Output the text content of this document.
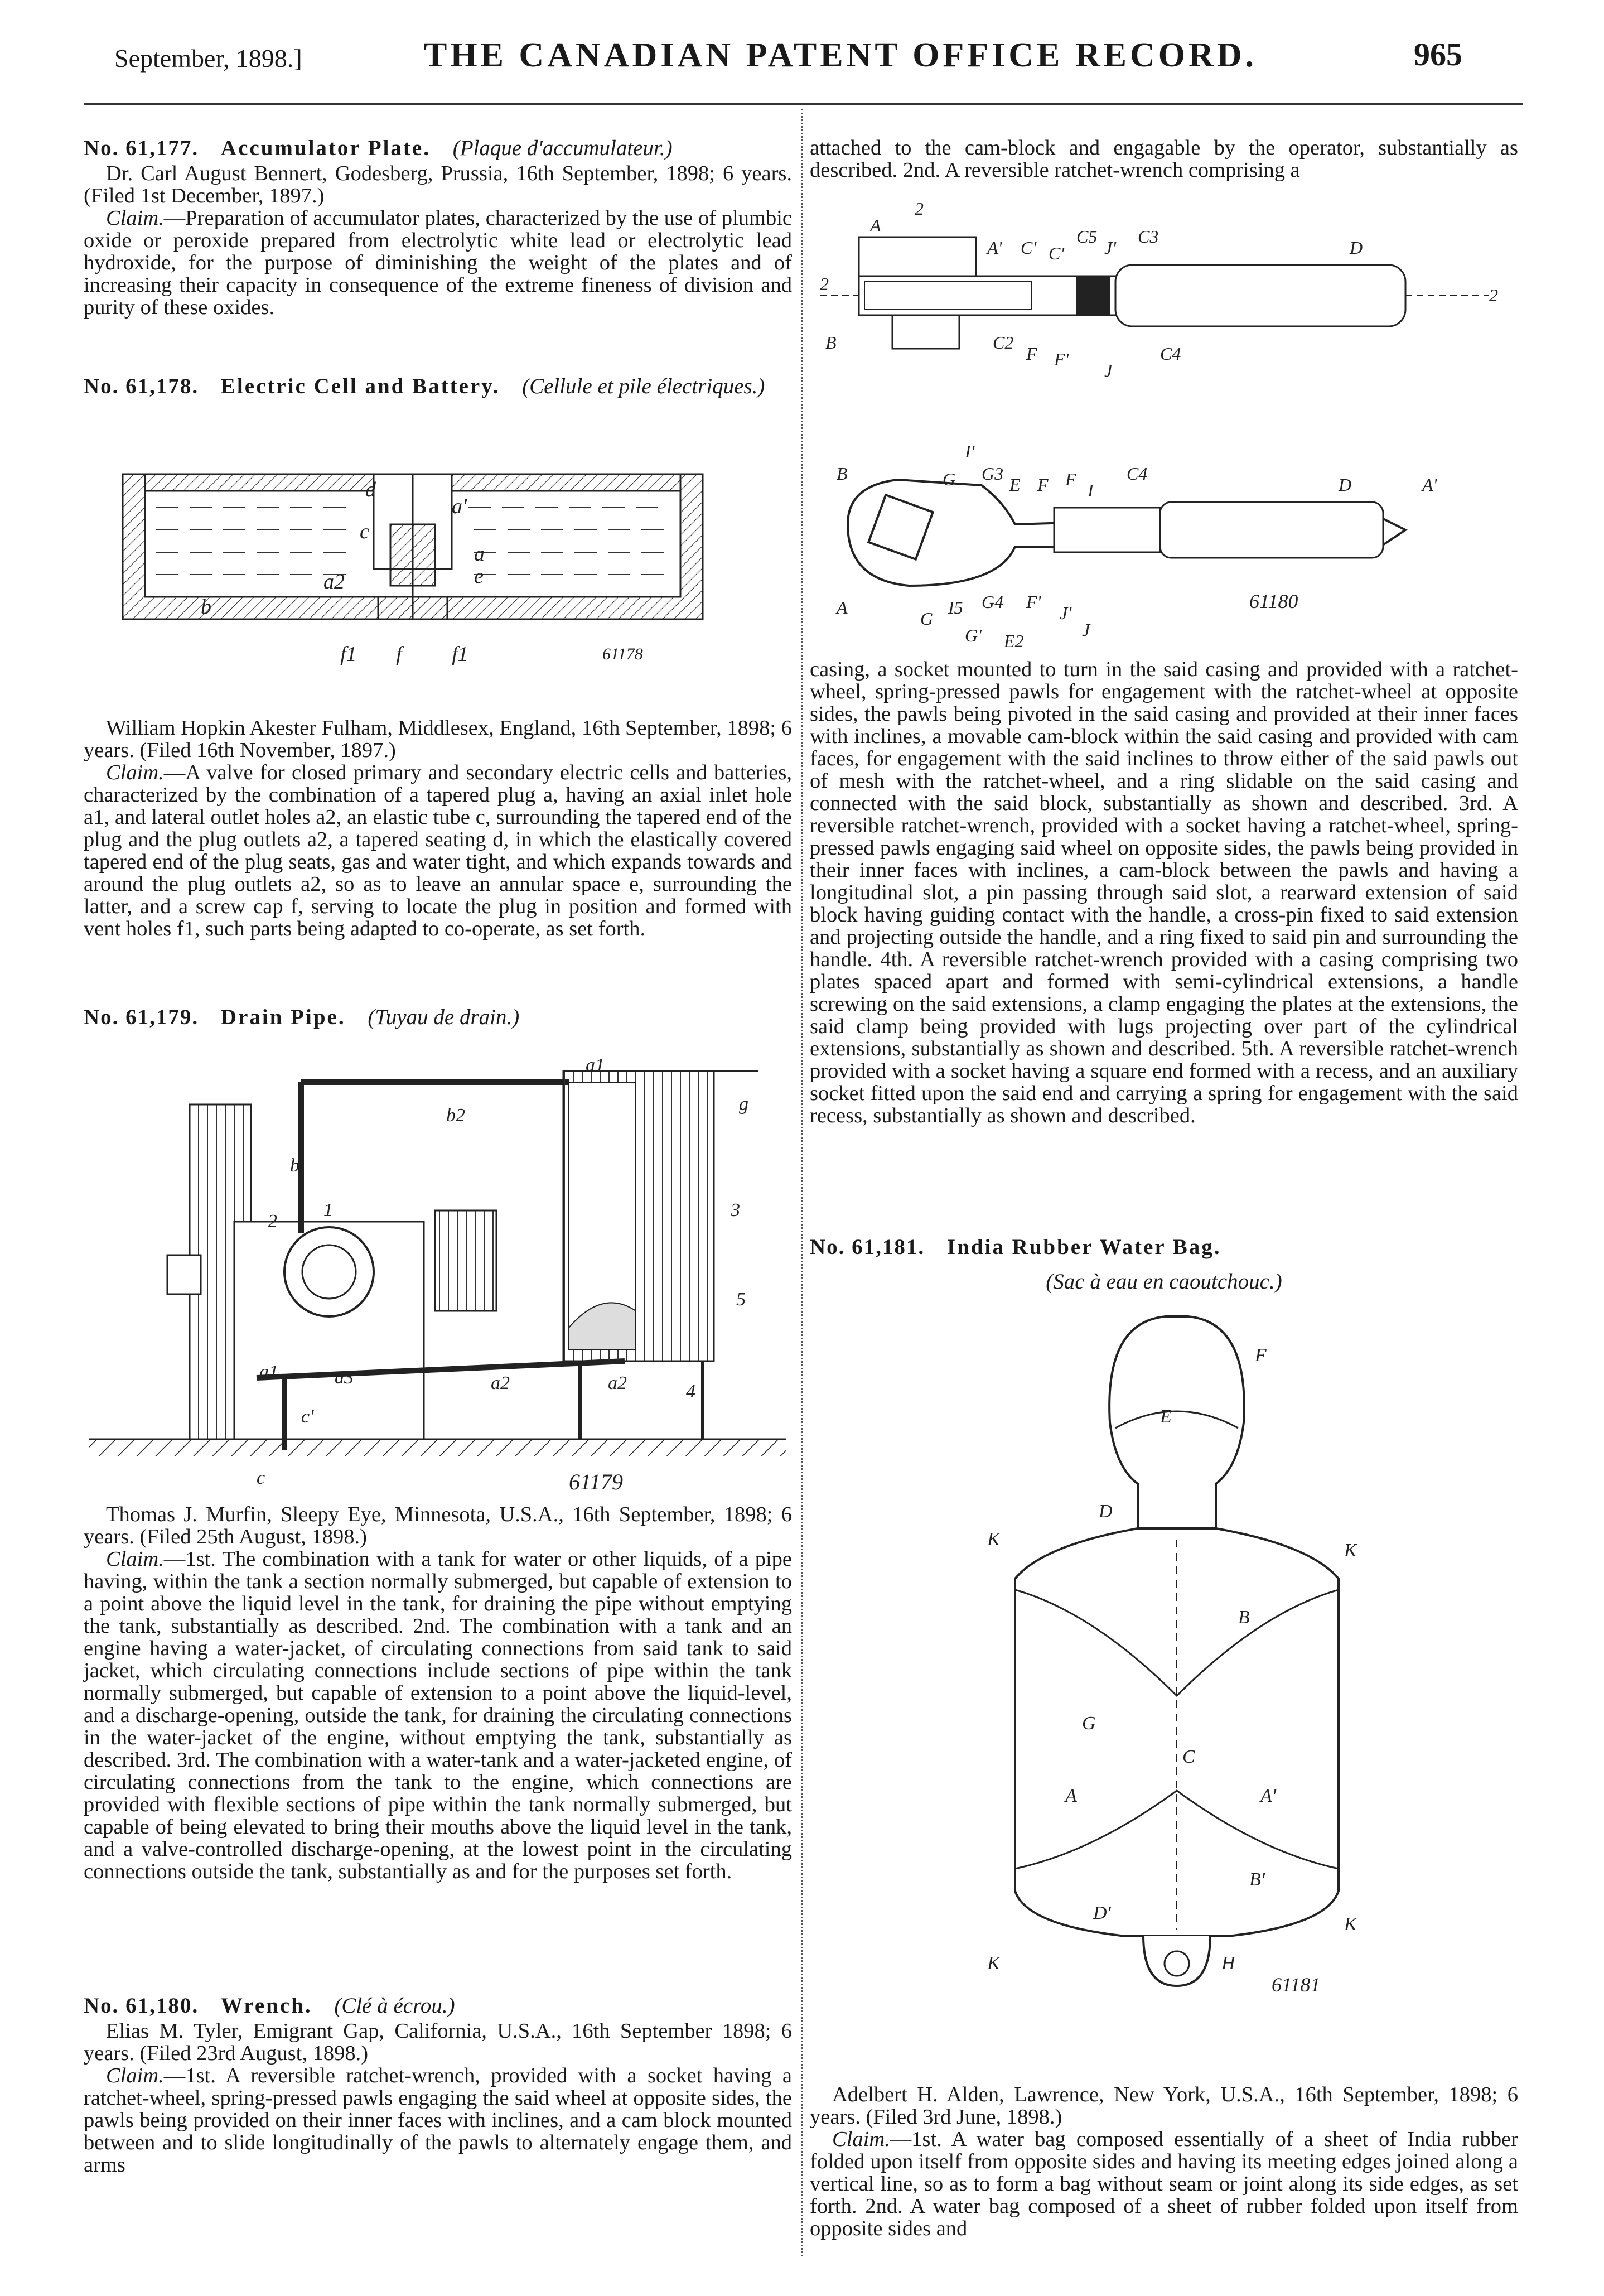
September, 1898.]	THE CANADIAN PATENT OFFICE RECORD.	965

No. 61,177. Accumulator Plate. (Plaque d'accumulateur.)

Dr. Carl August Bennert, Godesberg, Prussia, 16th September, 1898; 6 years. (Filed 1st December, 1897.)

Claim.—Preparation of accumulator plates, characterized by the use of plumbic oxide or peroxide prepared from electrolytic white lead or electrolytic lead hydroxide, for the purpose of diminishing the weight of the plates and of increasing their capacity in consequence of the extreme fineness of division and purity of these oxides.

No. 61,178. Electric Cell and Battery. (Cellule et pile électriques.)

d
a'
c
a
a2	e
b
f1 f f1	61178

William Hopkin Akester Fulham, Middlesex, England, 16th September, 1898; 6 years. (Filed 16th November, 1897.)

Claim.—A valve for closed primary and secondary electric cells and batteries, characterized by the combination of a tapered plug a, having an axial inlet hole a1, and lateral outlet holes a2, an elastic tube c, surrounding the tapered end of the plug and the plug outlets a2, a tapered seating d, in which the elastically covered tapered end of the plug seats, gas and water tight, and which expands towards and around the plug outlets a2, so as to leave an annular space e, surrounding the latter, and a screw cap f, serving to locate the plug in position and formed with vent holes f1, such parts being adapted to co-operate, as set forth.

No. 61,179. Drain Pipe. (Tuyau de drain.)

a1
g
b2
b'
2
1	3
5
4
a1	a3	a2	a2
c'
c	61179

Thomas J. Murfin, Sleepy Eye, Minnesota, U.S.A., 16th September, 1898; 6 years. (Filed 25th August, 1898.)

Claim.—1st. The combination with a tank for water or other liquids, of a pipe having, within the tank a section normally submerged, but capable of extension to a point above the liquid level in the tank, for draining the pipe without emptying the tank, substantially as described. 2nd. The combination with a tank and an engine having a water-jacket, of circulating connections from said tank to said jacket, which circulating connections include sections of pipe within the tank normally submerged, but capable of extension to a point above the liquid-level, and a discharge-opening, outside the tank, for draining the circulating connections in the water-jacket of the engine, without emptying the tank, substantially as described. 3rd. The combination with a water-tank and a water-jacketed engine, of circulating connections from the tank to the engine, which connections are provided with flexible sections of pipe within the tank normally submerged, but capable of being elevated to bring their mouths above the liquid level in the tank, and a valve-controlled discharge-opening, at the lowest point in the circulating connections outside the tank, substantially as and for the purposes set forth.

No. 61,180. Wrench. (Clé à écrou.)

Elias M. Tyler, Emigrant Gap, California, U.S.A., 16th September 1898; 6 years. (Filed 23rd August, 1898.)

Claim.—1st. A reversible ratchet-wrench, provided with a socket having a ratchet-wheel, spring-pressed pawls engaging the said wheel at opposite sides, the pawls being provided on their inner faces with inclines, and a cam block mounted between and to slide longitudinally of the pawls to alternately engage them, and arms

attached to the cam-block and engagable by the operator, substantially as described. 2nd. A reversible ratchet-wrench comprising a

2
A
A' C' C'
C5
J'
C3
D
2
B	C2
F F'
J
C4
2
I'
B	G G3
E F F
I
C4
D	A'
A
G
I5 G4 F'
J'
G' E2
J
61180

casing, a socket mounted to turn in the said casing and provided with a ratchet-wheel, spring-pressed pawls for engagement with the ratchet-wheel at opposite sides, the pawls being pivoted in the said casing and provided at their inner faces with inclines, a movable cam-block within the said casing and provided with cam faces, for engagement with the said inclines to throw either of the said pawls out of mesh with the ratchet-wheel, and a ring slidable on the said casing and connected with the said block, substantially as shown and described. 3rd. A reversible ratchet-wrench, provided with a socket having a ratchet-wheel, spring-pressed pawls engaging said wheel on opposite sides, the pawls being provided in their inner faces with inclines, a cam-block between the pawls and having a longitudinal slot, a pin passing through said slot, a rearward extension of said block having guiding contact with the handle, a cross-pin fixed to said extension and projecting outside the handle, and a ring fixed to said pin and surrounding the handle. 4th. A reversible ratchet-wrench provided with a casing comprising two plates spaced apart and formed with semi-cylindrical extensions, a handle screwing on the said extensions, a clamp engaging the plates at the extensions, the said clamp being provided with lugs projecting over part of the cylindrical extensions, substantially as shown and described. 5th. A reversible ratchet-wrench provided with a socket having a square end formed with a recess, and an auxiliary socket fitted upon the said end and carrying a spring for engagement with the said recess, substantially as shown and described.

No. 61,181. India Rubber Water Bag.

(Sac à eau en caoutchouc.)

F
E
D
K
K
B
G
C
A	A'
B'
D'
K
K
H
61181

Adelbert H. Alden, Lawrence, New York, U.S.A., 16th September, 1898; 6 years. (Filed 3rd June, 1898.)

Claim.—1st. A water bag composed essentially of a sheet of India rubber folded upon itself from opposite sides and having its meeting edges joined along a vertical line, so as to form a bag without seam or joint along its side edges, as set forth. 2nd. A water bag composed of a sheet of rubber folded upon itself from opposite sides and
